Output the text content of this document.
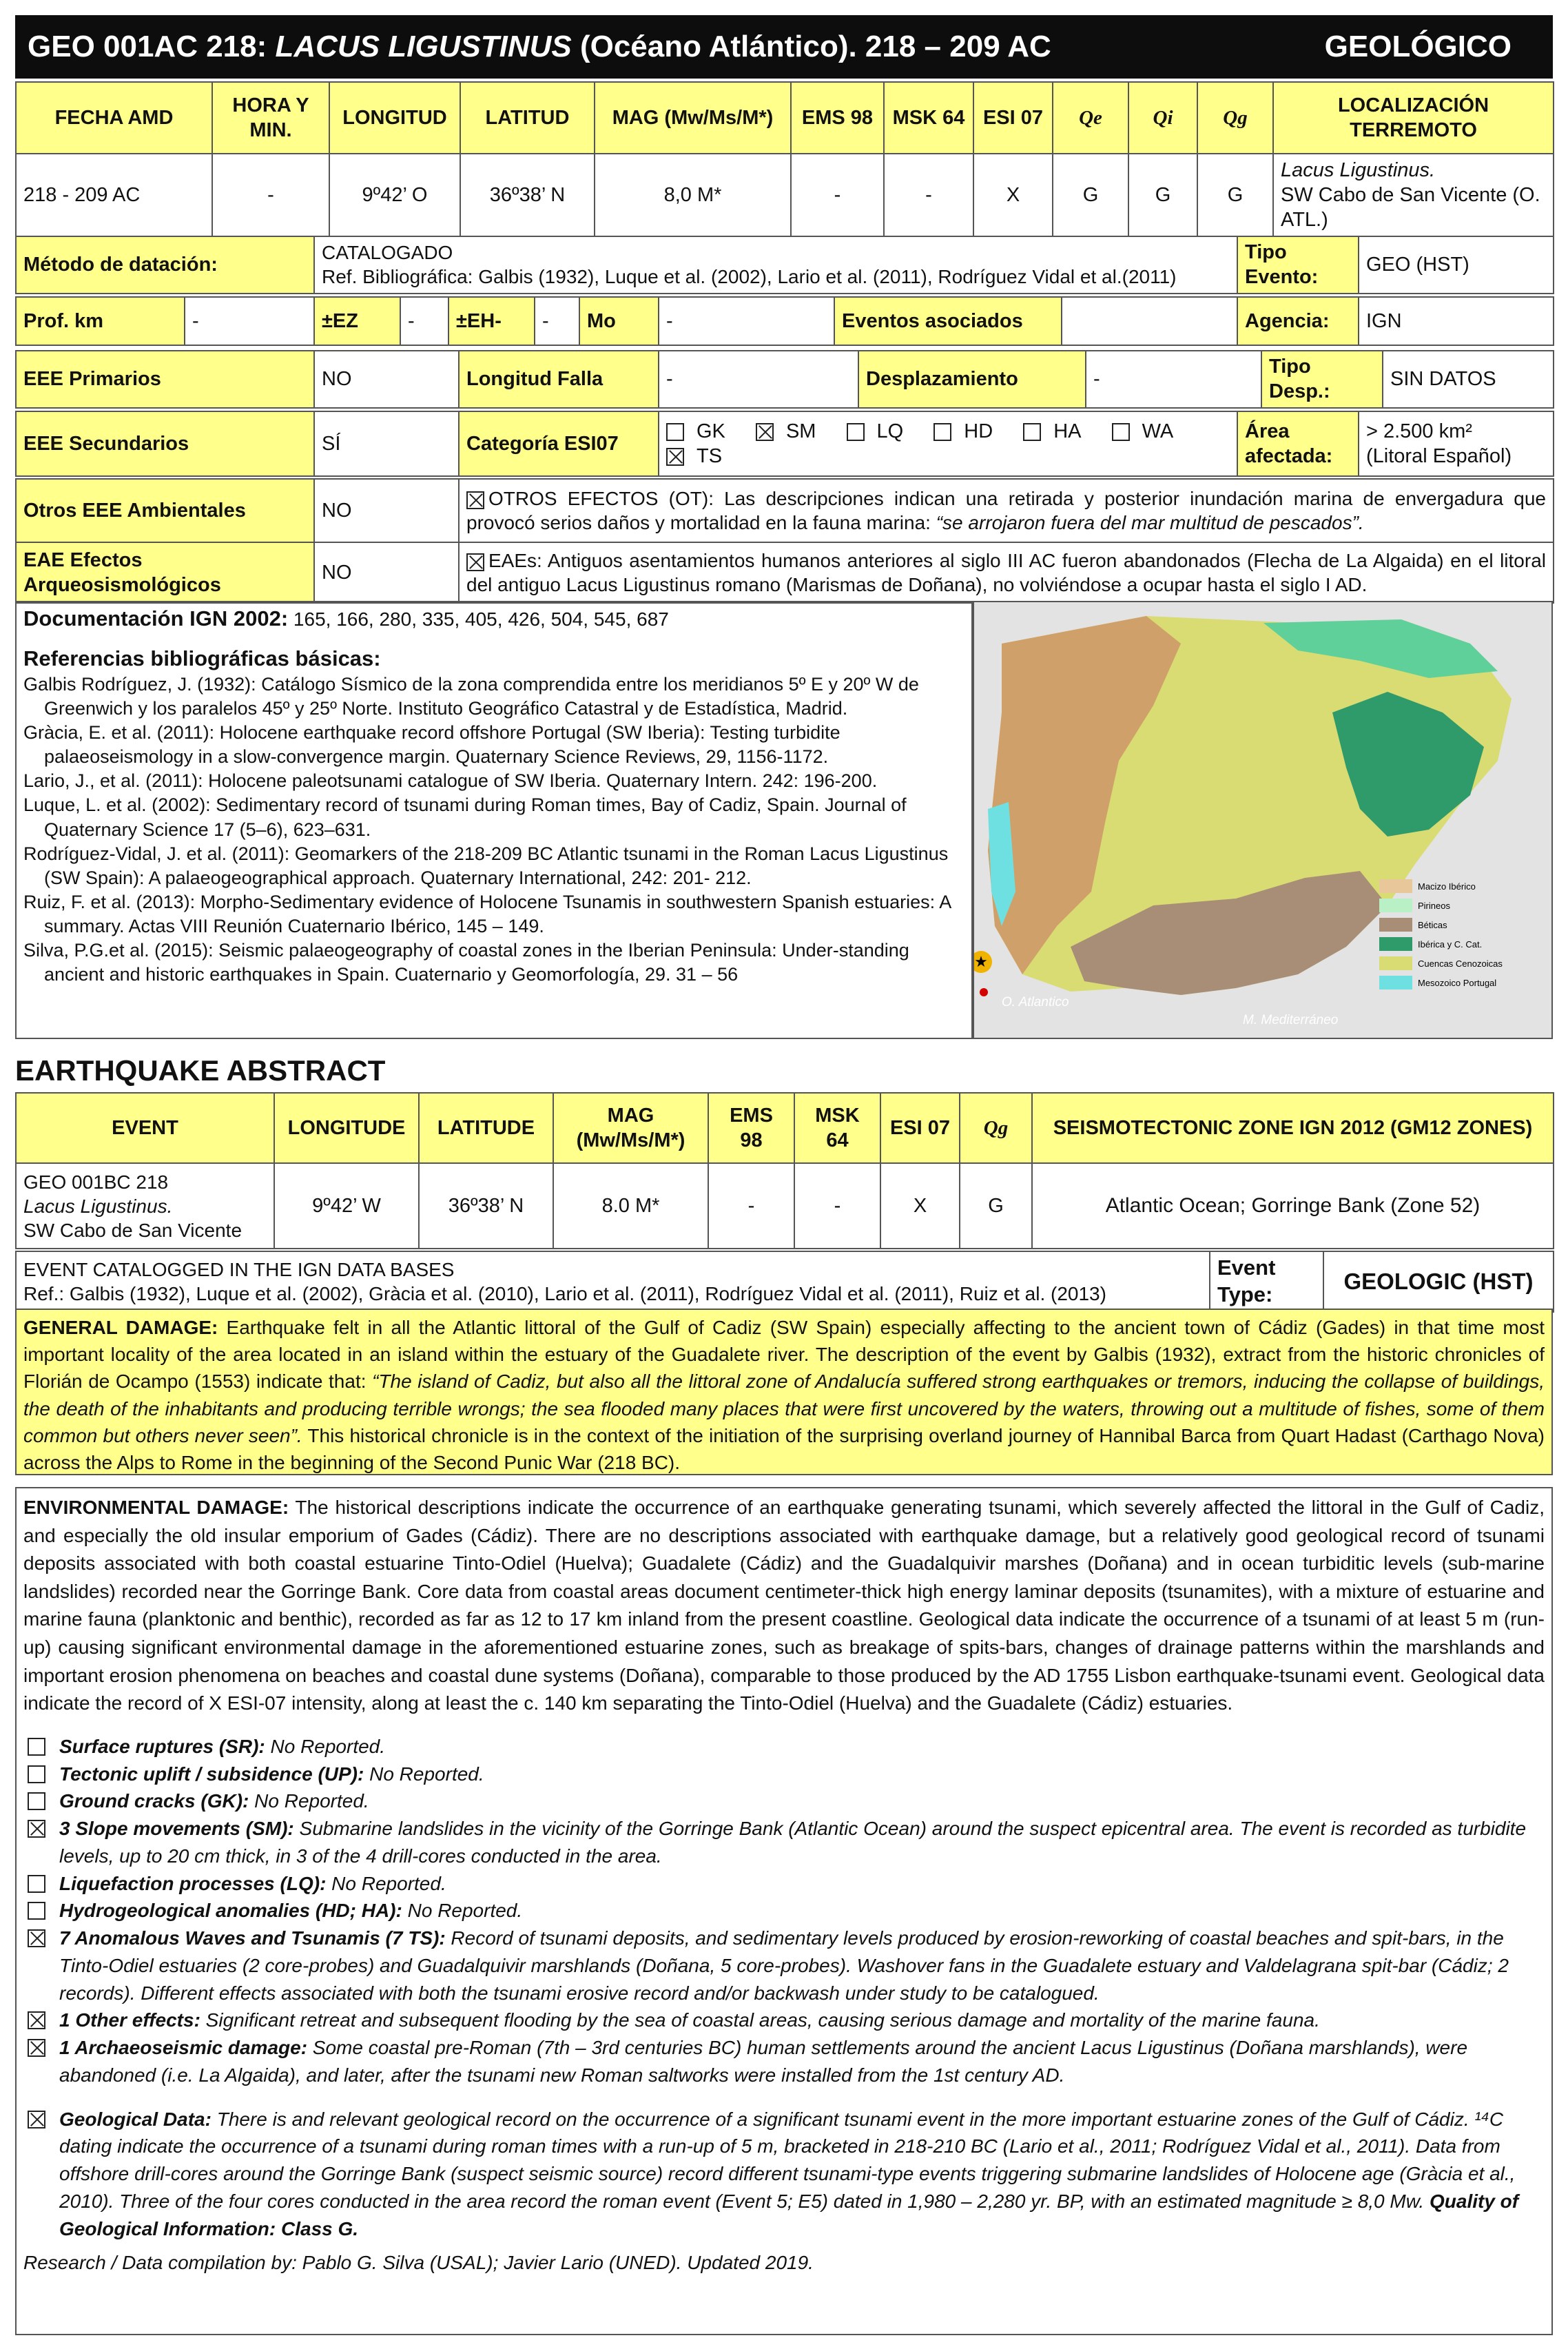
GEO 001AC 218: LACUS LIGUSTINUS (Océano Atlántico). 218 – 209 AC	GEOLÓGICO
FECHA AMD	HORA Y MIN.	LONGITUD	LATITUD	MAG (Mw/Ms/M*)	EMS 98	MSK 64	ESI 07	Qe	Qi	Qg	LOCALIZACIÓN TERREMOTO
218 - 209 AC	-	9º42’ O	36º38’ N	8,0 M*	-	-	X	G	G	G	Lacus Ligustinus.
SW Cabo de San Vicente (O. ATL.)
Método de datación:	CATALOGADO
Ref. Bibliográfica: Galbis (1932), Luque et al. (2002), Lario et al. (2011), Rodríguez Vidal et al.(2011)	Tipo Evento:	GEO (HST)
Prof. km	-	±EZ	-	±EH-	-	Mo	-	Eventos asociados		Agencia:	IGN
EEE Primarios	NO	Longitud Falla	-	Desplazamiento	-	Tipo Desp.:	SIN DATOS
EEE Secundarios	SÍ	Categoría ESI07	GK	SM	LQ	HD	HA	WA TS	Área afectada:	> 2.500 km²
(Litoral Español)
Otros EEE Ambientales	NO	OTROS EFECTOS (OT): Las descripciones indican una retirada y posterior inundación marina de envergadura que provocó serios daños y mortalidad en la fauna marina: “se arrojaron fuera del mar multitud de pescados”.
EAE Efectos Arqueosismológicos	NO	EAEs: Antiguos asentamientos humanos anteriores al siglo III AC fueron abandonados (Flecha de La Algaida) en el litoral del antiguo Lacus Ligustinus romano (Marismas de Doñana), no volviéndose a ocupar hasta el siglo I AD.
Documentación IGN 2002: 165, 166, 280, 335, 405, 426, 504, 545, 687
Referencias bibliográficas básicas:

Galbis Rodríguez, J. (1932): Catálogo Sísmico de la zona comprendida entre los meridianos 5º E y 20º W de Greenwich y los paralelos 45º y 25º Norte. Instituto Geográfico Catastral y de Estadística, Madrid.

Gràcia, E. et al. (2011): Holocene earthquake record offshore Portugal (SW Iberia): Testing turbidite palaeoseismology in a slow-convergence margin. Quaternary Science Reviews, 29, 1156-1172.

Lario, J., et al. (2011): Holocene paleotsunami catalogue of SW Iberia. Quaternary Intern. 242: 196-200.

Luque, L. et al. (2002): Sedimentary record of tsunami during Roman times, Bay of Cadiz, Spain. Journal of Quaternary Science 17 (5–6), 623–631.

Rodríguez-Vidal, J. et al. (2011): Geomarkers of the 218-209 BC Atlantic tsunami in the Roman Lacus Ligustinus (SW Spain): A palaeogeographical approach. Quaternary International, 242: 201- 212.

Ruiz, F. et al. (2013): Morpho-Sedimentary evidence of Holocene Tsunamis in southwestern Spanish estuaries: A summary. Actas VIII Reunión Cuaternario Ibérico, 145 – 149.

Silva, P.G.et al. (2015): Seismic palaeogeography of coastal zones in the Iberian Peninsula: Under-standing ancient and historic earthquakes in Spain. Cuaternario y Geomorfología, 29. 31 – 56

★
O. Atlantico
M. Mediterráneo
Macizo Ibérico
Pirineos
Béticas
Ibérica y C. Cat.
Cuencas Cenozoicas
Mesozoico Portugal
EARTHQUAKE ABSTRACT
EVENT	LONGITUDE	LATITUDE	MAG (Mw/Ms/M*)	EMS 98	MSK 64	ESI 07	Qg	SEISMOTECTONIC ZONE IGN 2012 (GM12 ZONES)
GEO 001BC 218
Lacus Ligustinus.
SW Cabo de San Vicente	9º42’ W	36º38’ N	8.0 M*	-	-	X	G	Atlantic Ocean; Gorringe Bank (Zone 52)
EVENT CATALOGGED IN THE IGN DATA BASES
Ref.: Galbis (1932), Luque et al. (2002), Gràcia et al. (2010), Lario et al. (2011), Rodríguez Vidal et al. (2011), Ruiz et al. (2013)	Event Type:	GEOLOGIC (HST)
GENERAL DAMAGE: Earthquake felt in all the Atlantic littoral of the Gulf of Cadiz (SW Spain) especially affecting to the ancient town of Cádiz (Gades) in that time most important locality of the area located in an island within the estuary of the Guadalete river. The description of the event by Galbis (1932), extract from the historic chronicles of Florián de Ocampo (1553) indicate that: “The island of Cadiz, but also all the littoral zone of Andalucía suffered strong earthquakes or tremors, inducing the collapse of buildings, the death of the inhabitants and producing terrible wrongs; the sea flooded many places that were first uncovered by the waters, throwing out a multitude of fishes, some of them common but others never seen”. This historical chronicle is in the context of the initiation of the surprising overland journey of Hannibal Barca from Quart Hadast (Carthago Nova) across the Alps to Rome in the beginning of the Second Punic War (218 BC).

ENVIRONMENTAL DAMAGE: The historical descriptions indicate the occurrence of an earthquake generating tsunami, which severely affected the littoral in the Gulf of Cadiz, and especially the old insular emporium of Gades (Cádiz). There are no descriptions associated with earthquake damage, but a relatively good geological record of tsunami deposits associated with both coastal estuarine Tinto-Odiel (Huelva); Guadalete (Cádiz) and the Guadalquivir marshes (Doñana) and in ocean turbiditic levels (sub-marine landslides) recorded near the Gorringe Bank. Core data from coastal areas document centimeter-thick high energy laminar deposits (tsunamites), with a mixture of estuarine and marine fauna (planktonic and benthic), recorded as far as 12 to 17 km inland from the present coastline. Geological data indicate the occurrence of a tsunami of at least 5 m (run-up) causing significant environmental damage in the aforementioned estuarine zones, such as breakage of spits-bars, changes of drainage patterns within the marshlands and important erosion phenomena on beaches and coastal dune systems (Doñana), comparable to those produced by the AD 1755 Lisbon earthquake-tsunami event. Geological data indicate the record of X ESI-07 intensity, along at least the c. 140 km separating the Tinto-Odiel (Huelva) and the Guadalete (Cádiz) estuaries.

Surface ruptures (SR): No Reported.
Tectonic uplift / subsidence (UP): No Reported.
Ground cracks (GK): No Reported.
3 Slope movements (SM): Submarine landslides in the vicinity of the Gorringe Bank (Atlantic Ocean) around the suspect epicentral area. The event is recorded as turbidite levels, up to 20 cm thick, in 3 of the 4 drill-cores conducted in the area.
Liquefaction processes (LQ): No Reported.
Hydrogeological anomalies (HD; HA): No Reported.
7 Anomalous Waves and Tsunamis (7 TS): Record of tsunami deposits, and sedimentary levels produced by erosion-reworking of coastal beaches and spit-bars, in the Tinto-Odiel estuaries (2 core-probes) and Guadalquivir marshlands (Doñana, 5 core-probes). Washover fans in the Guadalete estuary and Valdelagrana spit-bar (Cádiz; 2 records). Different effects associated with both the tsunami erosive record and/or backwash under study to be catalogued.
1 Other effects: Significant retreat and subsequent flooding by the sea of coastal areas, causing serious damage and mortality of the marine fauna.
1 Archaeoseismic damage: Some coastal pre-Roman (7th – 3rd centuries BC) human settlements around the ancient Lacus Ligustinus (Doñana marshlands), were abandoned (i.e. La Algaida), and later, after the tsunami new Roman saltworks were installed from the 1st century AD.
Geological Data: There is and relevant geological record on the occurrence of a significant tsunami event in the more important estuarine zones of the Gulf of Cádiz. ¹⁴C dating indicate the occurrence of a tsunami during roman times with a run-up of 5 m, bracketed in 218-210 BC (Lario et al., 2011; Rodríguez Vidal et al., 2011). Data from offshore drill-cores around the Gorringe Bank (suspect seismic source) record different tsunami-type events triggering submarine landslides of Holocene age (Gràcia et al., 2010). Three of the four cores conducted in the area record the roman event (Event 5; E5) dated in 1,980 – 2,280 yr. BP, with an estimated magnitude ≥ 8,0 Mw. Quality of Geological Information: Class G.
Research / Data compilation by: Pablo G. Silva (USAL); Javier Lario (UNED). Updated 2019.
